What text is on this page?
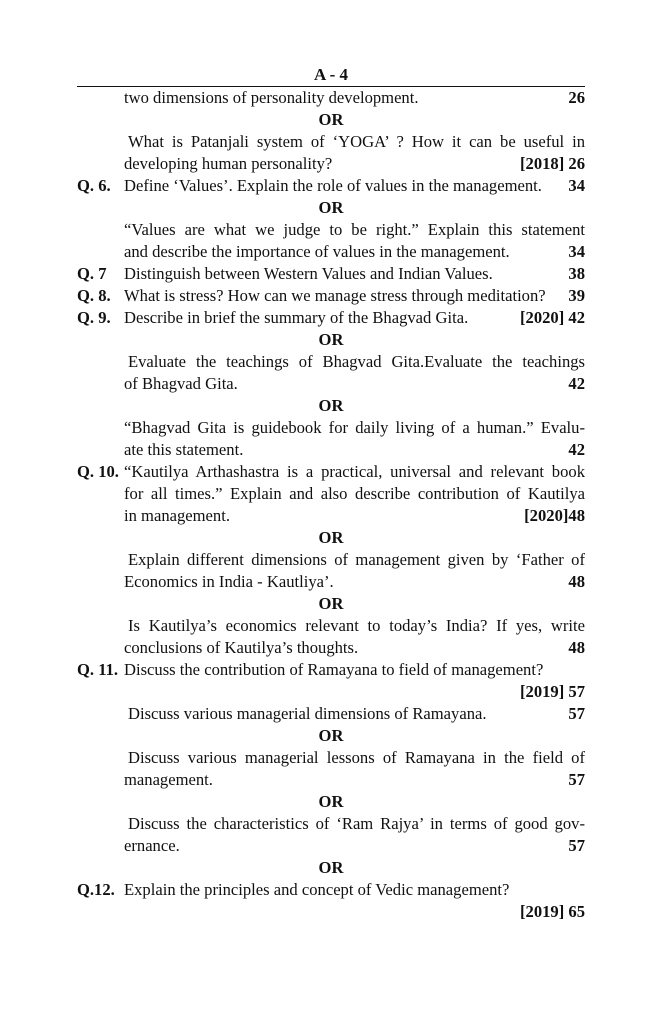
A - 4
two dimensions of personality development.	26
OR
What is Patanjali system of ‘YOGA’ ? How it can be useful in
developing human personality?	[2018] 26
Q. 6. Define ‘Values’. Explain the role of values in the management.	34
OR
“Values are what we judge to be right.” Explain this statement
and describe the importance of values in the management.	34
Q. 7 Distinguish between Western Values and Indian Values.	38
Q. 8. What is stress? How can we manage stress through meditation?	39
Q. 9. Describe in brief the summary of the Bhagvad Gita.	[2020] 42
OR
Evaluate the teachings of Bhagvad Gita.Evaluate the teachings
of Bhagvad Gita.	42
OR
“Bhagvad Gita is guidebook for daily living of a human.” Evalu-
ate this statement.	42
Q. 10. “Kautilya Arthashastra is a practical, universal and relevant book
for all times.” Explain and also describe contribution of Kautilya
in management.	[2020]48
OR
Explain different dimensions of management given by ‘Father of
Economics in India - Kautliya’.	48
OR
Is Kautilya’s economics relevant to today’s India? If yes, write
conclusions of Kautilya’s thoughts.	48
Q. 11. Discuss the contribution of Ramayana to field of management?
[2019] 57
Discuss various managerial dimensions of Ramayana.	57
OR
Discuss various managerial lessons of Ramayana in the field of
management.	57
OR
Discuss the characteristics of ‘Ram Rajya’ in terms of good gov-
ernance.	57
OR
Q.12. Explain the principles and concept of Vedic management?
[2019] 65
